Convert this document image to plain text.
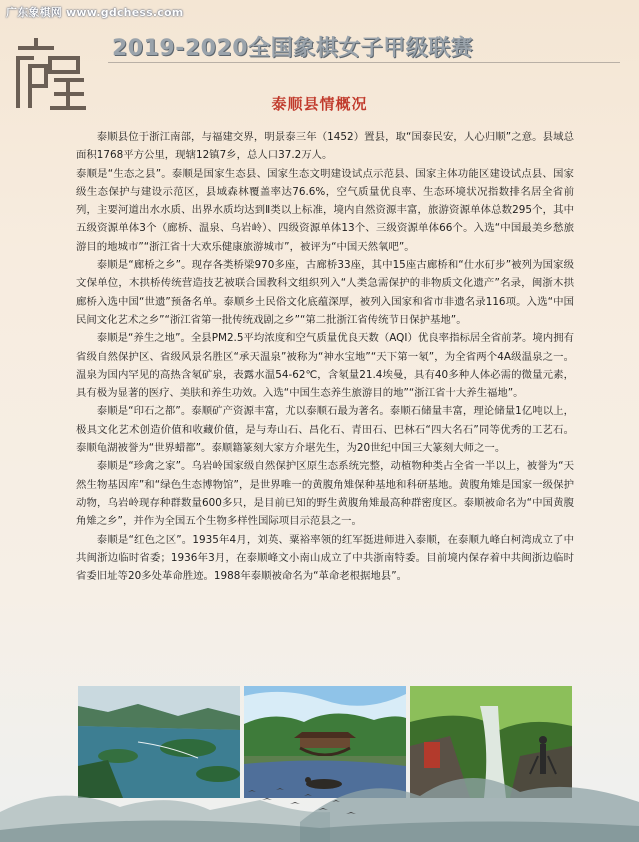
广东象棋网 www.gdchess.com
2019-2020全国象棋女子甲级联赛
泰顺县情概况

泰顺县位于浙江南部，与福建交界，明景泰三年（1452）置县，取“国泰民安，人心归顺”之意。县域总面积1768平方公里，现辖12镇7乡，总人口37.2万人。

泰顺是“生态之县”。泰顺是国家生态县、国家生态文明建设试点示范县、国家主体功能区建设试点县、国家级生态保护与建设示范区，县域森林覆盖率达76.6%，空气质量优良率、生态环境状况指数排名居全省前列，主要河道出水水质、出界水质均达到Ⅱ类以上标准，境内自然资源丰富，旅游资源单体总数295个，其中五级资源单体3个（廊桥、温泉、乌岩岭）、四级资源单体13个、三级资源单体66个。入选“中国最美乡愁旅游目的地城市”“浙江省十大欢乐健康旅游城市”，被评为“中国天然氧吧”。

泰顺是“廊桥之乡”。现存各类桥梁970多座，古廊桥33座，其中15座古廊桥和“仕水矴步”被列为国家级文保单位，木拱桥传统营造技艺被联合国教科文组织列入“人类急需保护的非物质文化遗产”名录，闽浙木拱廊桥入选中国“世遗”预备名单。泰顺乡土民俗文化底蕴深厚，被列入国家和省市非遗名录116项。入选“中国民间文化艺术之乡”“浙江省第一批传统戏剧之乡”“第二批浙江省传统节日保护基地”。

泰顺是“养生之地”。全县PM2.5平均浓度和空气质量优良天数（AQI）优良率指标居全省前茅。境内拥有省级自然保护区、省级风景名胜区“承天温泉”被称为“神水宝地”“天下第一氡”，为全省两个4A级温泉之一。温泉为国内罕见的高热含氡矿泉，表露水温54-62℃，含氡量21.4埃曼，具有40多种人体必需的微量元素，具有极为显著的医疗、美肤和养生功效。入选“中国生态养生旅游目的地”“浙江省十大养生福地”。

泰顺是“印石之都”。泰顺矿产资源丰富，尤以泰顺石最为著名。泰顺石储量丰富，理论储量1亿吨以上，极具文化艺术创造价值和收藏价值，是与寿山石、昌化石、青田石、巴林石“四大名石”同等优秀的工艺石。泰顺龟湖被誉为“世界蜡都”。泰顺籍篆刻大家方介堪先生，为20世纪中国三大篆刻大师之一。

泰顺是“珍禽之家”。乌岩岭国家级自然保护区原生态系统完整，动植物种类占全省一半以上，被誉为“天然生物基因库”和“绿色生态博物馆”，是世界唯一的黄腹角雉保种基地和科研基地。黄腹角雉是国家一级保护动物，乌岩岭现存种群数量600多只，是目前已知的野生黄腹角雉最高种群密度区。泰顺被命名为“中国黄腹角雉之乡”，并作为全国五个生物多样性国际项目示范县之一。

泰顺是“红色之区”。1935年4月，刘英、粟裕率领的红军挺进师进入泰顺，在泰顺九峰白柯湾成立了中共闽浙边临时省委；1936年3月，在泰顺峰文小南山成立了中共浙南特委。目前境内保存着中共闽浙边临时省委旧址等20多处革命胜迹。1988年泰顺被命名为“革命老根据地县”。
